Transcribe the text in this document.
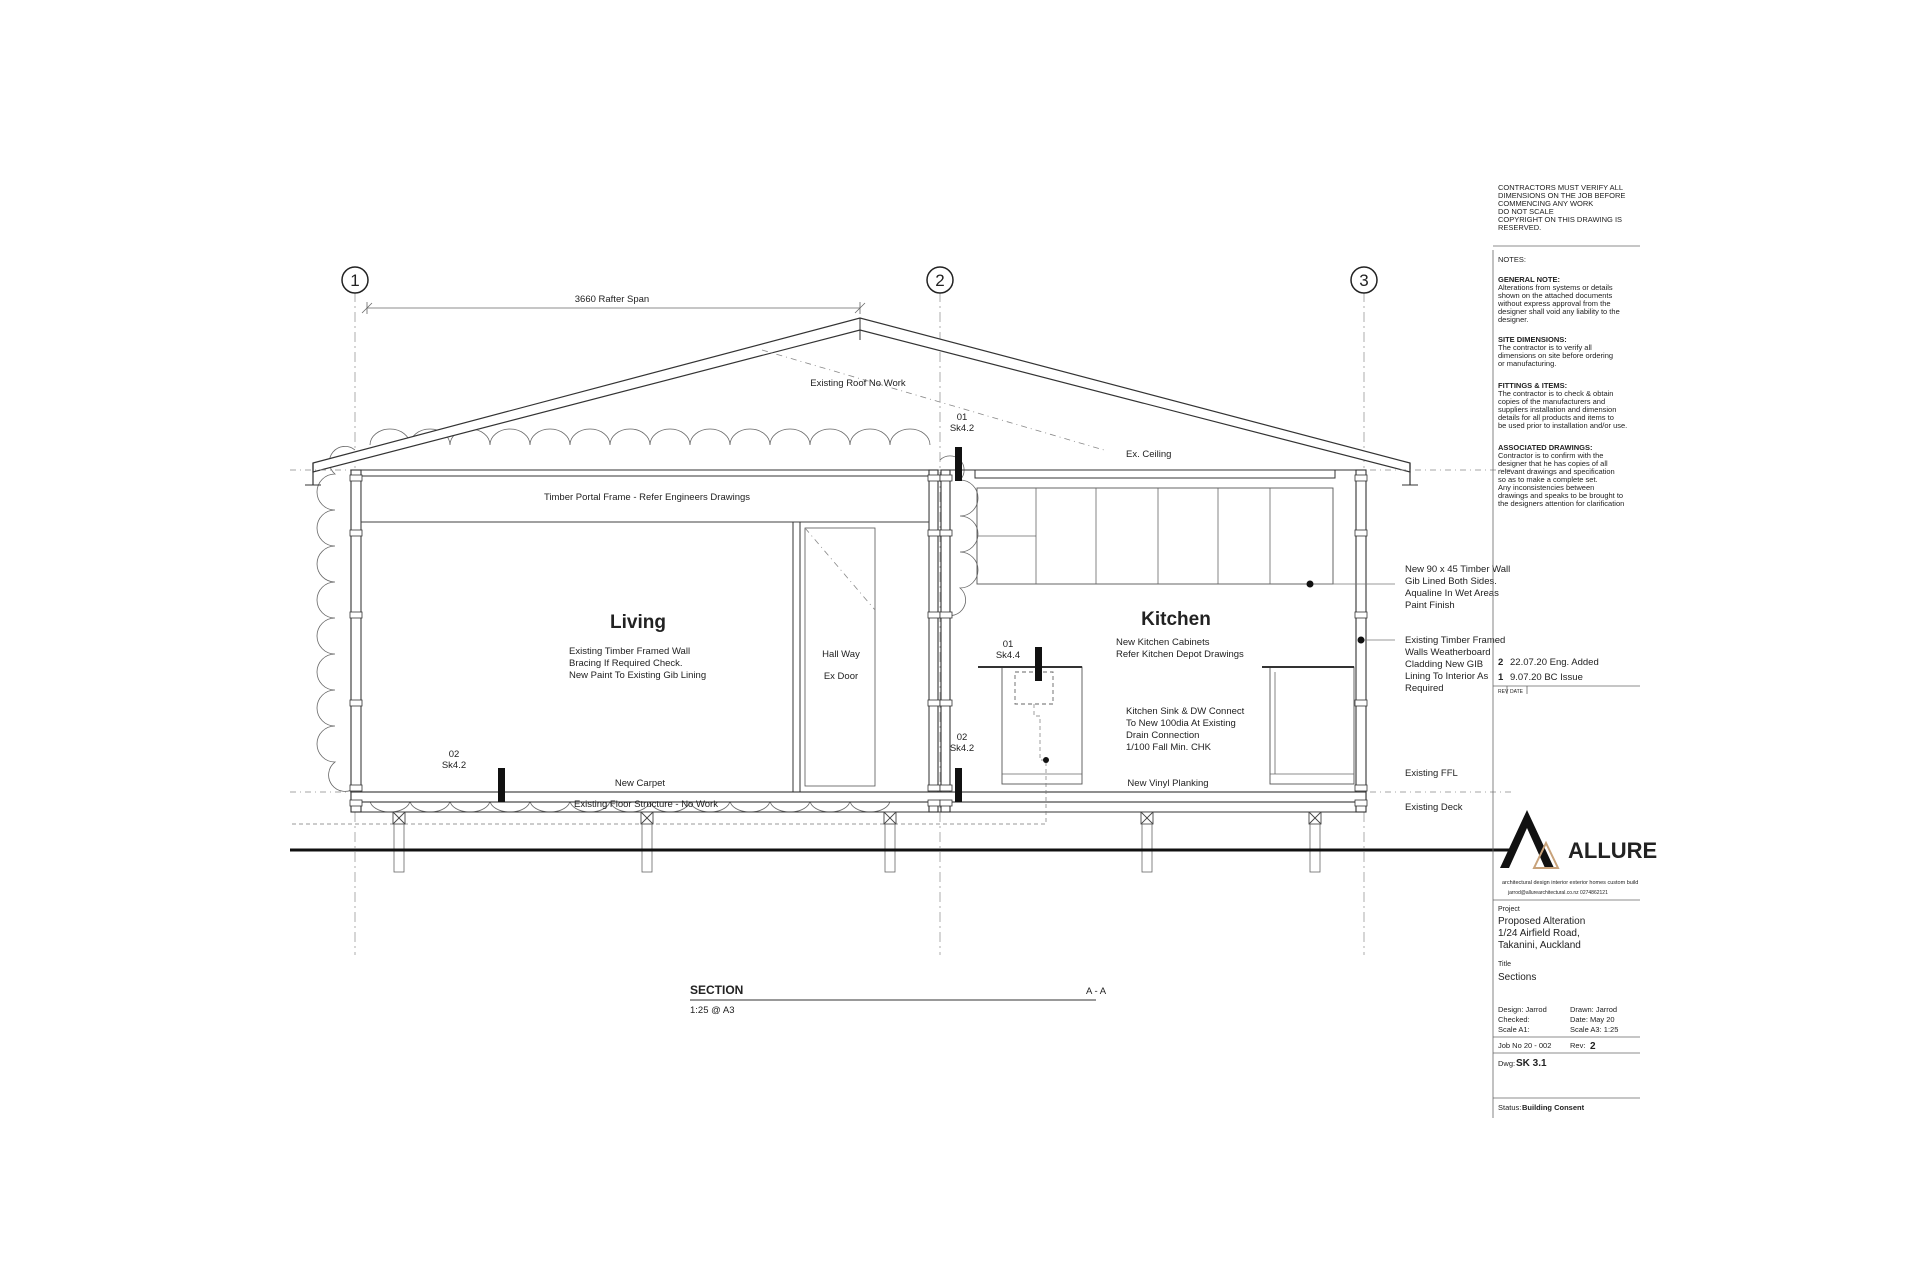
1	2	3
3660 Rafter Span
Living
Existing Timber Framed Wall
Bracing If Required Check.
New Paint To Existing Gib Lining
Kitchen
New Kitchen Cabinets
Refer Kitchen Depot Drawings
Hall Way
Ex Door
Existing Roof No Work
Ex. Ceiling
Timber Portal Frame - Refer Engineers Drawings
New Carpet
Existing Floor Structure - No Work
New Vinyl Planking
Kitchen Sink & DW Connect
To New 100dia At Existing
Drain Connection
1/100 Fall Min. CHK
New 90 x 45 Timber Wall
Gib Lined Both Sides.
Aqualine In Wet Areas
Paint Finish
Existing Timber Framed
Walls Weatherboard
Cladding New GIB
Lining To Interior As
Required
Existing FFL
Existing Deck
01
Sk4.2
01
Sk4.4
02
Sk4.2
02
Sk4.2
SECTION	A - A
1:25 @ A3
CONTRACTORS MUST VERIFY ALL
DIMENSIONS ON THE JOB BEFORE
COMMENCING ANY WORK
DO NOT SCALE
COPYRIGHT ON THIS DRAWING IS
RESERVED.
NOTES:
GENERAL NOTE:
Alterations from systems or details
shown on the attached documents
without express approval from the
designer shall void any liability to the
designer.
SITE DIMENSIONS:
The contractor is to verify all
dimensions on site before ordering
or manufacturing.
FITTINGS & ITEMS:
The contractor is to check & obtain
copies of the manufacturers and
suppliers installation and dimension
details for all products and items to
be used prior to installation and/or use.
ASSOCIATED DRAWINGS:
Contractor is to confirm with the
designer that he has copies of all
relevant drawings and specification
so as to make a complete set.
Any inconsistencies between
drawings and speaks to be brought to
the designers attention for clarification
2 22.07.20 Eng. Added
1 9.07.20 BC Issue
REV DATE
ALLURE
architectural design interior exterior homes custom build
jarrod@allurearchitectural.co.nz 0274862121
Project
Proposed Alteration
1/24 Airfield Road,
Takanini, Auckland
Title
Sections
Design: Jarrod	Drawn: Jarrod
Checked:	Date: May 20
Scale A1:	Scale A3: 1:25
Job No 20 - 002 Rev: 2
Dwg: SK 3.1
Status: Building Consent
